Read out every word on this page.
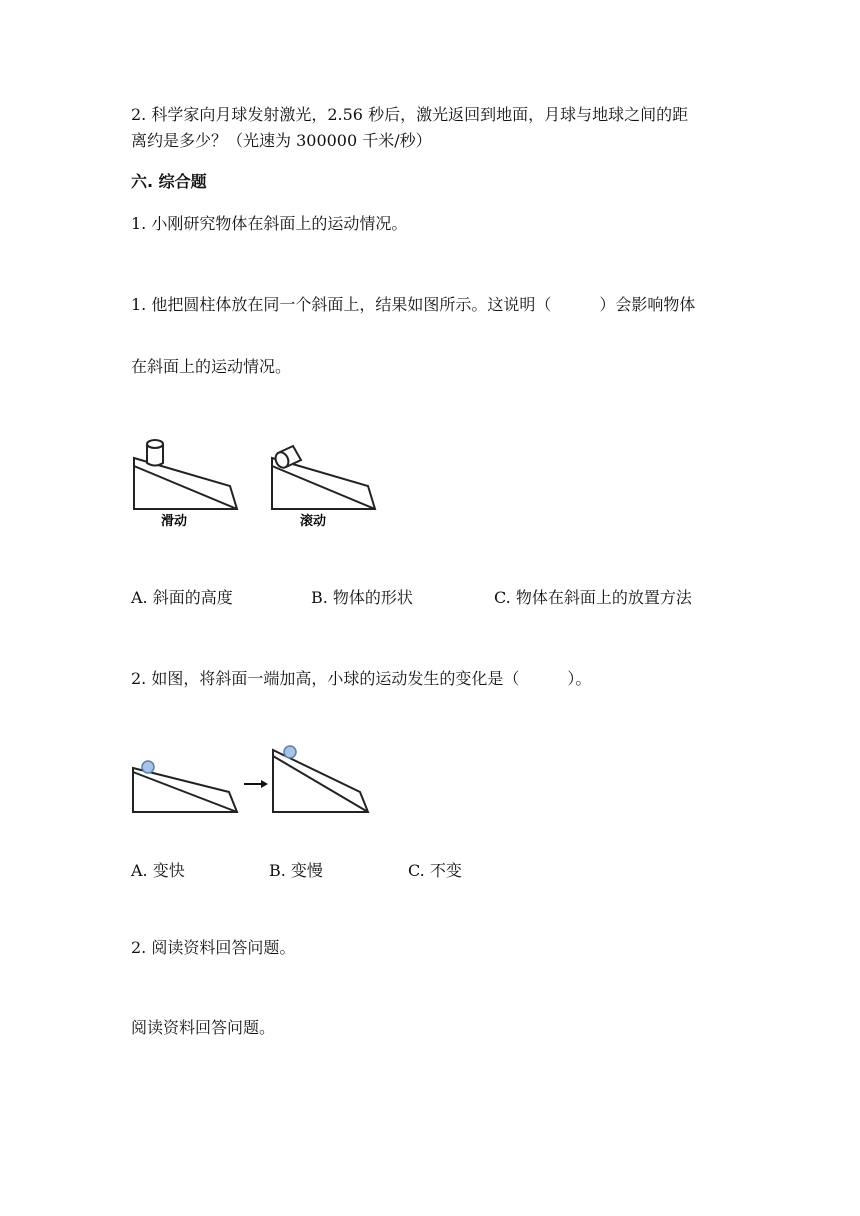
2. 科学家向月球发射激光，2.56 秒后，激光返回到地面，月球与地球之间的距

离约是多少？（光速为 300000 千米/秒）

六. 综合题

1. 小刚研究物体在斜面上的运动情况。

1. 他把圆柱体放在同一个斜面上，结果如图所示。这说明（　　　）会影响物体

在斜面上的运动情况。

滑动	滚动
A. 斜面的高度	B. 物体的形状	C. 物体在斜面上的放置方法

2. 如图，将斜面一端加高，小球的运动发生的变化是（　　　）。

A. 变快	B. 变慢	C. 不变

2. 阅读资料回答问题。

阅读资料回答问题。
